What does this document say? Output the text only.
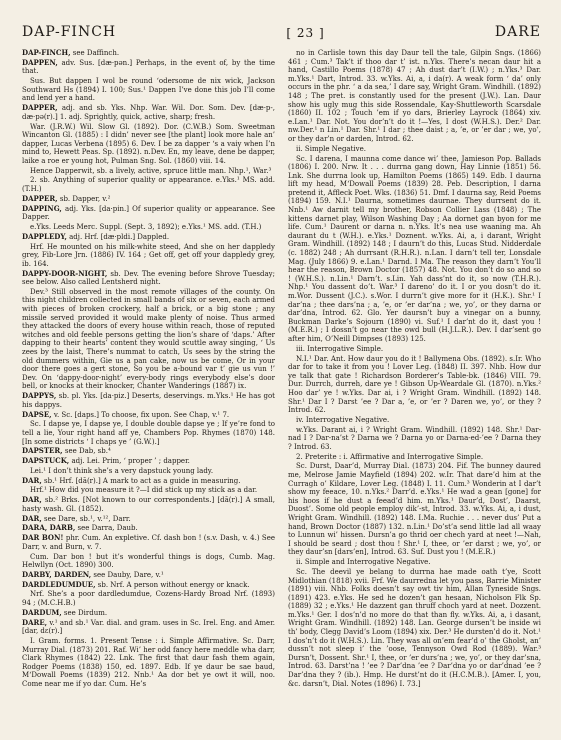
DAP-FINCH	[ 23 ]	DARE

DAP-FINCH, see Daffinch.

DAPPEN, adv. Sus. [dæ·pən.] Perhaps, in the event of, by the time that.

Sus. But dappen I wol be round ‘odersome de nix wick, Jackson Southward Hs (1894) I. 100; Sus.¹ Dappen I’ve done this job I’ll come and lend yer a hand.

DAPPER, adj. and sb. Yks. Nhp. War. Wil. Dor. Som. Dev. [dæ·p-, dæ·pə(r).] 1. adj. Sprightly, quick, active, sharp; fresh.

War. (J.R.W.) Wil. Slow Gl. (1892). Dor. (C.W.B.) Som. Sweetman Wincanton Gl. (1885) : I didn’ never see [the plant] look more hale an’ dapper, Lucas Verbena (1895) 6. Dev. I be za dapper ‘s a vaiy when I’n mind to, Hewett Peas. Sp. (1892). n.Dev. En, my leave, dene be dapper, laike a roe er young hot, Pulman Sng. Sol. (1860) viii. 14.

Hence Dapperwit, sb. a lively, active, spruce little man. Nhp.¹, War.³

2. sb. Anything of superior quality or appearance. e.Yks.¹ MS. add. (T.H.)

DAPPER, sb. Dapper, v.²

DAPPING, adj. Yks. [da·pin.] Of superior quality or appearance. See Dapper.

e.Yks. Leeds Merc. Suppl. (Sept. 3, 1892); e.Yks.¹ MS. add. (T.H.)

DAPPLEDY, adj. Hrf. [dæ·pldi.] Dappled.

Hrf. He mounted on his milk-white steed, And she on her dappledy grey, Fib-Lore Jrn. (1886) IV. 164 ; Get off, get off your dappledy grey, ib. 164.

DAPPY-DOOR-NIGHT, sb. Dev. The evening before Shrove Tuesday; see below. Also called Lentsherd night.

Dev.³ Still observed in the most remote villages of the county. On this night children collected in small bands of six or seven, each armed with pieces of broken crockery, half a brick, or a big stone ; any missile served provided it would make plenty of noise. Thus armed they attacked the doors of every house within reach, those of reputed witches and old feeble persons getting the lion’s share of ‘daps.’ After dapping to their hearts’ content they would scuttle away singing, ‘ Us zees by the laist, There’s nummat to catch, Us sees by the string the old dummers within, Gie us a pan cake, now us be come, Or in your door there goes a gert stone, So you be a-bound var t’ gie us vun !’ Dev. On ‘dappy-door-night’ every-body rings everybody else’s door bell, or knocks at their knocker, Chanter Wanderings (1887) ix.

DAPPYS, sb. pl. Yks. [da·piz.] Deserts, deservings. m.Yks.¹ He has got his dappys.

DAPSE, v. Sc. [daps.] To choose, fix upon. See Chap, v.¹ 7.

Sc. I dapse ye, I dapse ye, I double double dapse ye ; If ye’re fond to tell a lie, Your right hand aff ye, Chambers Pop. Rhymes (1870) 148. [In some districts ‘ I chaps ye ’ (G.W.).]

DAPSTER, see Dab, sb.⁴

DAPSTUCK, adj. Lei. Prim, ‘ proper ’ ; dapper.

Lei.¹ I don’t think she’s a very dapstuck young lady.

DAR, sb.¹ Hrf. [dā(r).] A mark to act as a guide in measuring.

Hrf.¹ How did you measure it ?—I did stick up my stick as a dar.

DAR, sb.² Brks. [Not known to our correspondents.] [dā(r).] A small, hasty wash. Gl. (1852).

DAR, see Dare, sb.¹, v.¹², Darr.

DARA, DARB, see Darra, Daub.

DAR BON! phr. Cum. An expletive. Cf. dash bon ! (s.v. Dash, v. 4.) See Darr, v. and Burn, v. 7.

Cum. Dar bon ! but it’s wonderful things is dogs, Cumb. Mag. Helwllyn (Oct. 1890) 300.

DARBY, DARDEN, see Dauby, Dare, v.¹

DARDLEDUMDUE, sb. Nrf. A person without energy or knack.

Nrf. She’s a poor dardledumdue, Cozens-Hardy Broad Nrf. (1893) 94 ; (M.C.H.B.)

DARDUM, see Dirdum.

DARE, v.¹ and sb.¹ Var. dial. and gram. uses in Sc. Irel. Eng. and Amer. [dar, dɛ(r).]

I. Gram. forms. 1. Present Tense : i. Simple Affirmative. Sc. Darr, Murray Dial. (1873) 201. Raf. Wi’ her odd fancy here meddle wha darr, Clark Rhymes (1842) 22. Lnk. The first that daur fash them again, Rodger Poems (1838) 150, ed. 1897. Edb. If ye daur be sae baud, M‘Dowall Poems (1839) 212. Nnb.¹ Aa dor bet ye owt it will, noo. Come near me if yo dar. Cum. He’s

no in Carlisle town this day Daur tell the tale, Gilpin Sngs. (1866) 461 ; Cum.³ Tak’t if thoo dar t’ ist. n.Yks. There’s necan daur hit a hand, Castillo Poems (1878) 47 ; Ah dust dar’t (I.W.) ; n.Yks.³ Dar. m.Yks.¹ Dart, Introd. 33. w.Yks. Ai, a, i da(r). A weak form ‘ da’ only occurs in the phr. ‘ a da sea,’ I dare say, Wright Gram. Windhill. (1892) 148 ; The pret. is constantly used for the present (J.W.). Lan. Daur show his ugly mug this side Rossendale, Kay-Shuttleworth Scarsdale (1860) II. 102 ; Touch ’em if yo dars, Brierley Layrock (1864) xiv. e.Lan.¹ Dar. Not. You dor’n’t do it !—Yes, I dost (W.H.S.). Der.² Dar. nw.Der.¹ n Lin.¹ Dar. Shr.¹ I dar ; thee daist ; a, ’e, or ’er dar ; we, yo’, or they dar’n or darden, Introd. 62.

ii. Simple Negative.

Sc. I darena, I maunna come dance wi’ thee, Jamieson Pop. Ballads (1806) I. 200. Nrw. It . . . durrna gang down, Hay Linnie (1851) 56. Lnk. She durrna look up, Hamilton Poems (1865) 149. Edb. I daurna lift my head, M‘Dowall Poems (1839) 28. Peb. Description, I darna pretend it, Affleck Poet. Wks. (1836) 51. Dmf. I daurna say, Reid Poems (1894) 159. N.I.¹ Daurna, sometimes daurnae. They durrsent do it. Nnb.¹ Aw darnit tell my brother, Robson Collier Lass (1848) ; The kittens darnet play, Wilson Washing Day ; Aa dornet gan byon for me life. Cum.¹ Daurent or darna n. n.Yks. It’s nea use waaning ma. Ah daurant du t (W.H.). e.Yks.¹ Doznent. w.Yks. Ai, a, i darant, Wright Gram. Windhill. (1892) 148 ; I daurn’t do this, Lucas Stud. Nidderdale (c. 1882) 248 ; Ah durrsant (R.H.R.). n.Lan. I darn’t tell ter, Lonsdale Mag. (July 1866) 9. e.Lan.¹ Darnd. I Ma. The reason they darn’t You’ll hear the reason, Brown Doctor (1857) 48. Not. You don’t do so and so ! (W.H.S.). n.Lin.¹ Darn’t. s.Lin. Yah dass’nt do it, so now (T.H.R.). Nhp.¹ You dassent do’t. War.³ I dareno’ do it. I or you dosn’t do it. m.Wor. Dussent (J.C.). s.Wor. I durrn’t give more for it (H.K.). Shr.¹ I dar’na ; thee dars’na ; a, ’e, or ’er dar’na ; we, yo’, or they darna or dar’dna, Introd. 62. Glo. Yer daursn’t buy a vinegar on a bunny, Buckman Darke’s Sojourn (1890) vi. Suf.¹ I dar’nt do it, dast you ! (M.E.R.) ; I dossn’t go near the owd bull (H.J.L.R.). Dev. I dar’sent go after him, O’Neill Dimpses (1893) 125.

iii. Interrogative Simple.

N.I.¹ Dar. Ant. How daur you do it ! Ballymena Obs. (1892). s.Ir. Who dar for to take it from you ! Lover Leg. (1848) II. 397. Nhb. How dur ye talk that gate ! Richardson Borderer’s Table-bk. (1846) VIII. 79. Dur. Durrch, durreh, dare ye ! Gibson Up-Weardale Gl. (1870). n.Yks.² Hoo dar’ ye ! w.Yks. Dar ai, i ? Wright Gram. Windhill. (1892) 148. Shr.¹ Dar I ? Darst ’ee ? Dar a, ’e, or ’er ? Daren we, yo’, or they ? Introd. 62.

iv. Interrogative Negative.

w.Yks. Darant ai, i ? Wright Gram. Windhill. (1892) 148. Shr.¹ Dar-nad I ? Dar-na’st ? Darna we ? Darna yo or Darna-ed-’ee ? Darna they ? Introd. 63.

2. Preterite : i. Affirmative and Interrogative Simple.

Sc. Durst, Daar’d, Murray Dial. (1873) 204. Fif. The bunney daured me, Melrose Jamie Mayfield (1894) 202. w.Ir. That dare’d him at the Curragh o’ Kildare, Lover Leg. (1848) I. 11. Cum.³ Wonderin at I dar’t show my feeace, 10. n.Yks.² Darr’d. e.Yks.¹ He wad a gean [gone] for his hoos if he dust a feead’d him. m.Yks.¹ Daur’d, Dost’, Daarst, Duost’. Some old people employ dik’-st, Introd. 33. w.Yks. Ai, a, i dust, Wright Gram. Windhill. (1892) 148. I.Ma. Ruchie . . . never dus’ Put a hand, Brown Doctor (1887) 132. n.Lin.¹ Do’st’a send little lad all waay to Lunnun wi’ hissen. Dursn’a go thrid oer chech yard at neet !—Nah, I should be seard ; dost thou ! Shr.¹ I, thee, or ’er darst ; we, yo’, or they daur’sn [dars’en], Introd. 63. Suf. Dust you ! (M.E.R.)

ii. Simple and Interrogative Negative.

Sc. The deevil ye belang to durrna hae made oath t’ye, Scott Midlothian (1818) xvii. Frf. We daurredna let you pass, Barrie Minister (1891) viii. Nhb. Folks doesn’t say owt tiv him, Allan Tyneside Sngs. (1891) 423. e.Yks. He sed he dozen’t gan hesaan, Nicholson Flk Sp. (1889) 32 ; e.Yks.¹ He dazzent gan thruff choch yard at neet. Dozzent. m.Yks.¹ Ger. I dos’n’d no more do that than fly. w.Yks. Ai, a, i dasant, Wright Gram. Windhill. (1892) 148. Lan. George dursen’t be inside wi th’ body, Clegg David’s Loom (1894) xix. Der.³ He dursten’d do it. Not.¹ I dos’n’t do it (W.H.S.). Lin. They was all on’em fear’d o’ the Gholst, an’ dussn’t not sleep i’ the ’oose, Tennyson Owd Rod (1889). War.³ Dursn’t, Dossent. Shr.¹ I, thee, or ’er durs’na ; we, yo’, or they dar’sna, Introd. 63. Darst’na ! ’ee ? Dar’dna ’ee ? Dar’dna yo or dar’dnad ’ee ? Dar’dna they ? (ib.). Hmp. He durst’nt do it (H.C.M.B.). [Amer. I, you, &c. darsn’t, Dial. Notes (1896) I. 73.]
